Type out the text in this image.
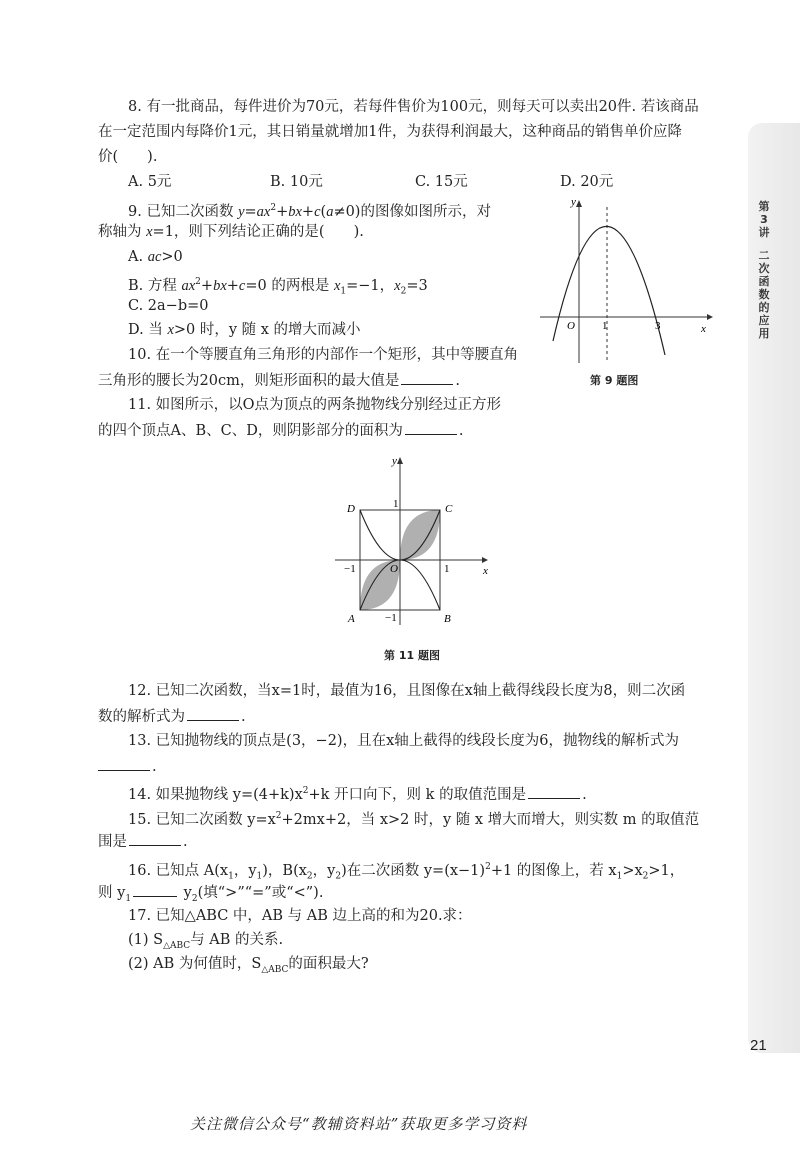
第3讲
二次函数的应用
8. 有一批商品，每件进价为70元，若每件售价为100元，则每天可以卖出20件. 若该商品
在一定范围内每降价1元，其日销量就增加1件，为获得利润最大，这种商品的销售单价应降
价(　　).
A. 5元	B. 10元	C. 15元	D. 20元
9. 已知二次函数 $y=ax^2+bx+c(a\ne 0)$的图像如图所示，对
称轴为 x=1，则下列结论正确的是(　　).
A. ac>0
B. 方程 $ax^2+bx+c=0$ 的两根是 $x_1=-1$，$x_2=3$
C. 2a−b=0
D. 当 x>0 时，y 随 x 的增大而减小
y
x
O 1	3
第 9 题图
10. 在一个等腰直角三角形的内部作一个矩形，其中等腰直角
三角形的腰长为20cm，则矩形面积的最大值是	.
11. 如图所示，以O点为顶点的两条抛物线分别经过正方形
的四个顶点A、B、C、D，则阴影部分的面积为	.
y
x
O
1
1
−1
−1
A	B
C
D
第 11 题图
12. 已知二次函数，当x=1时，最值为16，且图像在x轴上截得线段长度为8，则二次函
数的解析式为	.
13. 已知抛物线的顶点是(3，−2)，且在x轴上截得的线段长度为6，抛物线的解析式为
.
14. 如果抛物线 $y=(4+k)x^2+k$ 开口向下，则 k 的取值范围是	.
15. 已知二次函数 $y=x^2+2mx+2$，当 x>2 时，y 随 x 增大而增大，则实数 m 的取值范
围是	.
16. 已知点 $A(x_1$，$y_1$)，$B(x_2$，$y_2$)在二次函数 $y=(x-1)^2+1$ 的图像上，若 $x_1>x_2>1$，
则 $y_1$	$y_2$(填“>”“=”或“<”).
17. 已知△ABC 中，AB 与 AB 边上高的和为20.求：
(1) $S_{\triangle ABC}$与 AB 的关系.
(2) AB 为何值时，$S_{\triangle ABC}$的面积最大?
21
关注微信公众号“教辅资料站”获取更多学习资料
